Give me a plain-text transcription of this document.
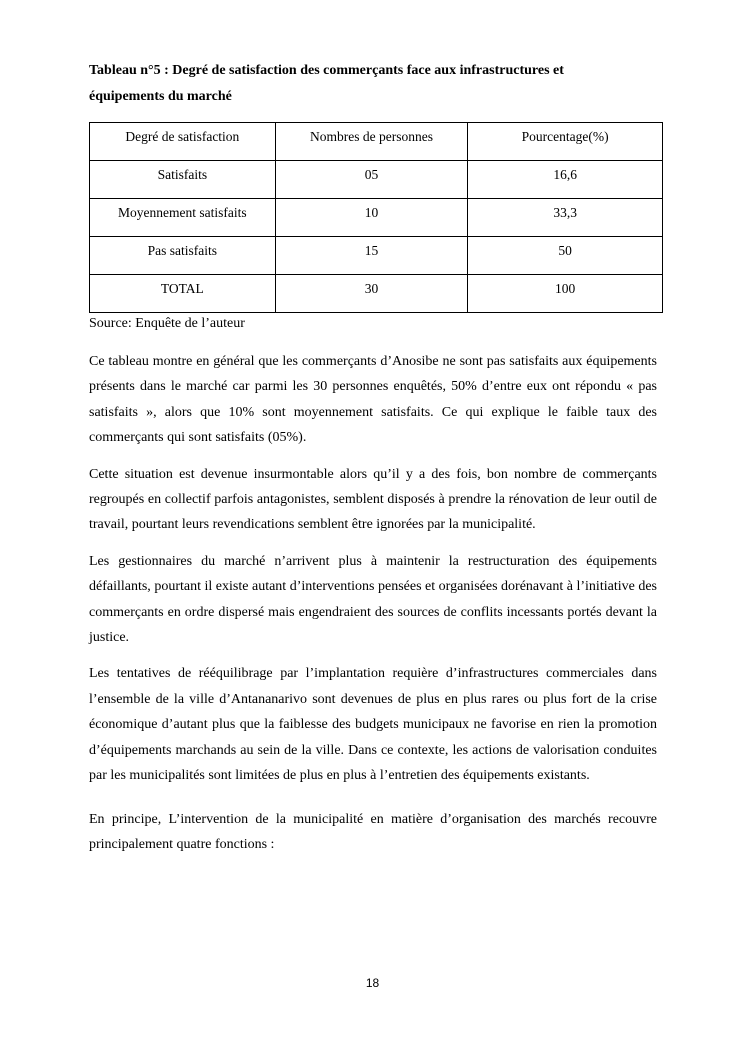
Tableau n°5 : Degré de satisfaction des commerçants face aux infrastructures et
équipements du marché
Degré de satisfaction	Nombres de personnes	Pourcentage(%)
Satisfaits	05	16,6
Moyennement satisfaits	10	33,3
Pas satisfaits	15	50
TOTAL	30	100

Source: Enquête de l’auteur

Ce tableau montre en général que les commerçants d’Anosibe ne sont pas satisfaits aux équipements présents dans le marché car parmi les 30 personnes enquêtés, 50% d’entre eux ont répondu « pas satisfaits », alors que 10% sont moyennement satisfaits. Ce qui explique le faible taux des commerçants qui sont satisfaits (05%).

Cette situation est devenue insurmontable alors qu’il y a des fois, bon nombre de commerçants regroupés en collectif parfois antagonistes, semblent disposés à prendre la rénovation de leur outil de travail, pourtant leurs revendications semblent être ignorées par la municipalité.

Les gestionnaires du marché n’arrivent plus à maintenir la restructuration des équipements défaillants, pourtant il existe autant d’interventions pensées et organisées dorénavant à l’initiative des commerçants en ordre dispersé mais engendraient des sources de conflits incessants portés devant la justice.

Les tentatives de rééquilibrage par l’implantation requière d’infrastructures commerciales dans l’ensemble de la ville d’Antananarivo sont devenues de plus en plus rares ou plus fort de la crise économique d’autant plus que la faiblesse des budgets municipaux ne favorise en rien la promotion d’équipements marchands au sein de la ville. Dans ce contexte, les actions de valorisation conduites par les municipalités sont limitées de plus en plus à l’entretien des équipements existants.

En principe, L’intervention de la municipalité en matière d’organisation des marchés recouvre principalement quatre fonctions :

18
